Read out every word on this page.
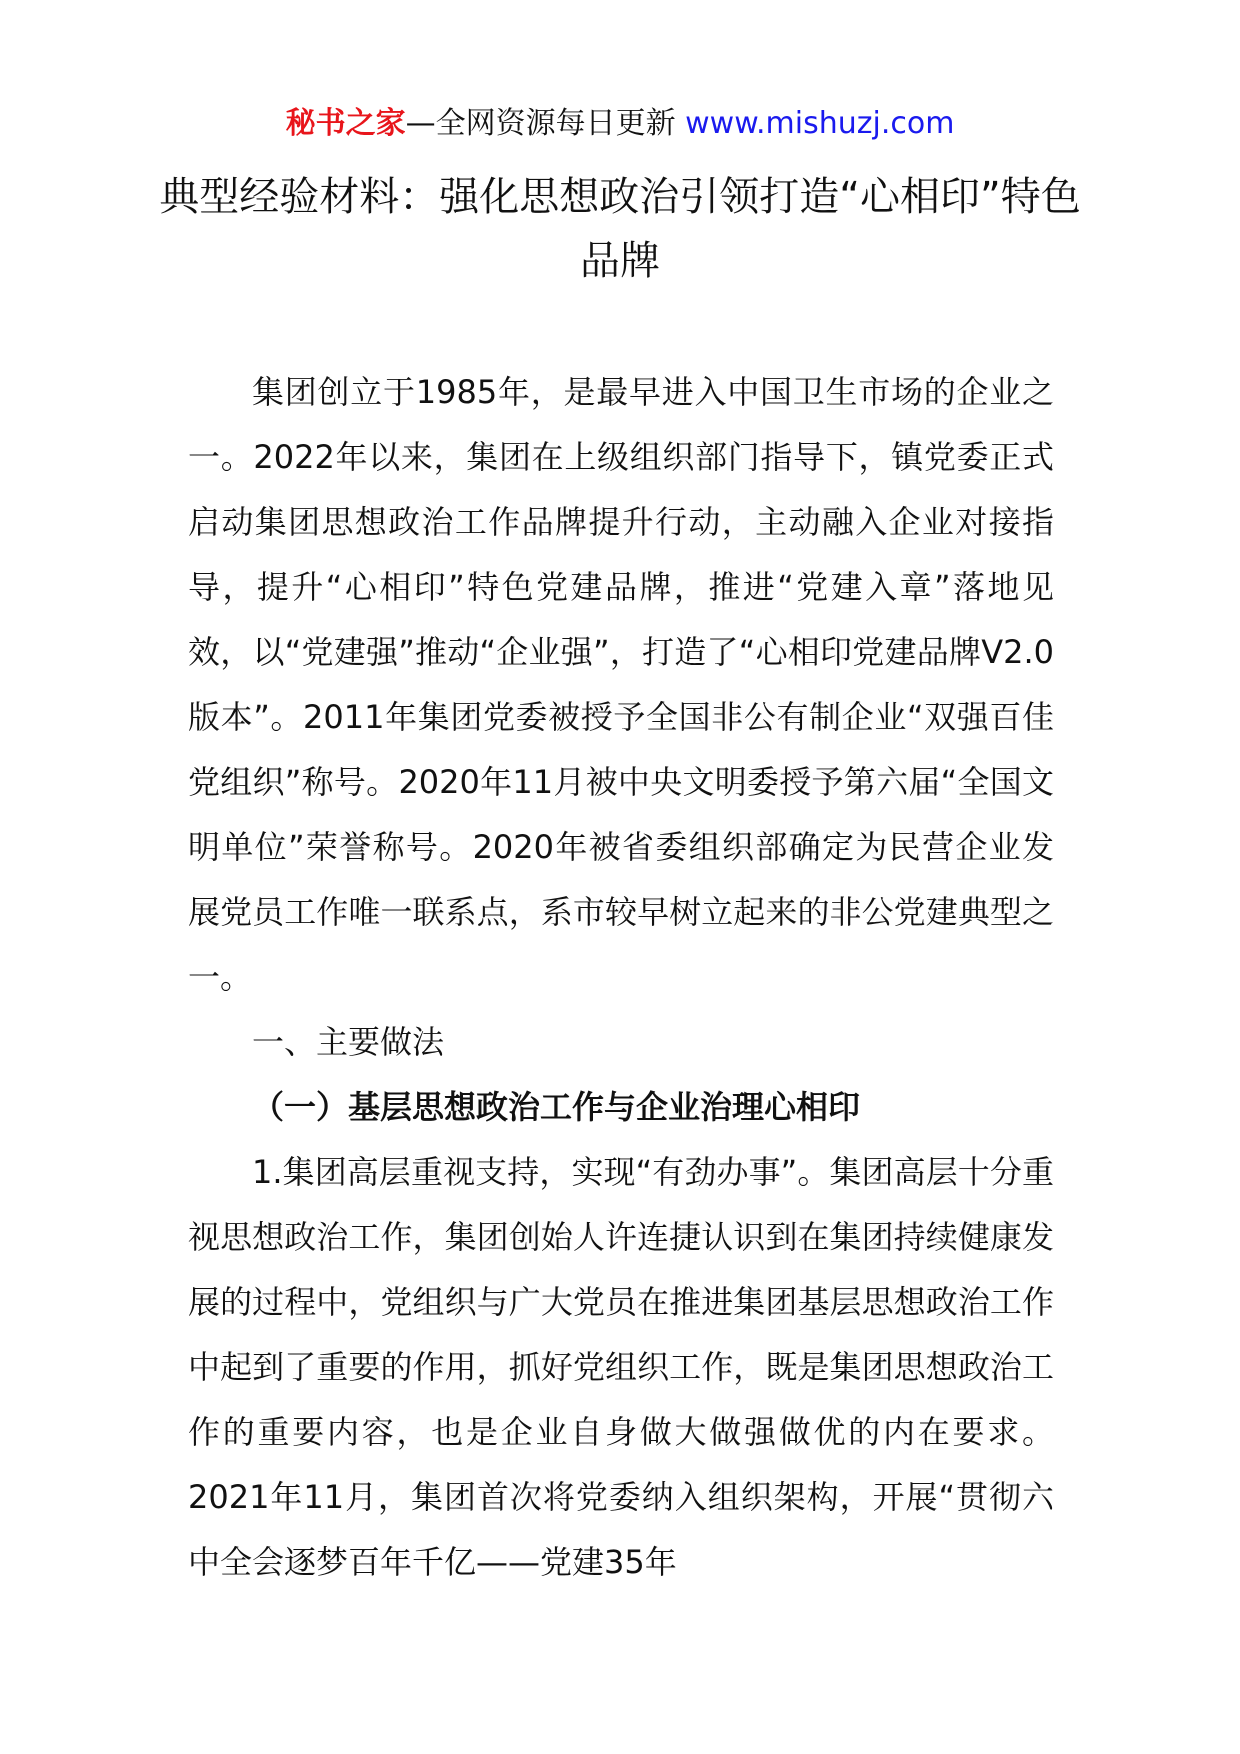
秘书之家—全网资源每日更新 www.mishuzj.com
典型经验材料：强化思想政治引领打造“心相印”特色品牌

集团创立于1985年，是最早进入中国卫生市场的企业之一。2022年以来，集团在上级组织部门指导下，镇党委正式启动集团思想政治工作品牌提升行动，主动融入企业对接指导，提升“心相印”特色党建品牌，推进“党建入章”落地见效，以“党建强”推动“企业强”，打造了“心相印党建品牌V2.0版本”。2011年集团党委被授予全国非公有制企业“双强百佳党组织”称号。2020年11月被中央文明委授予第六届“全国文明单位”荣誉称号。2020年被省委组织部确定为民营企业发展党员工作唯一联系点，系市较早树立起来的非公党建典型之一。

一、主要做法

（一）基层思想政治工作与企业治理心相印

1.集团高层重视支持，实现“有劲办事”。集团高层十分重视思想政治工作，集团创始人许连捷认识到在集团持续健康发展的过程中，党组织与广大党员在推进集团基层思想政治工作中起到了重要的作用，抓好党组织工作，既是集团思想政治工作的重要内容，也是企业自身做大做强做优的内在要求。2021年11月，集团首次将党委纳入组织架构，开展“贯彻六中全会逐梦百年千亿——党建35年
